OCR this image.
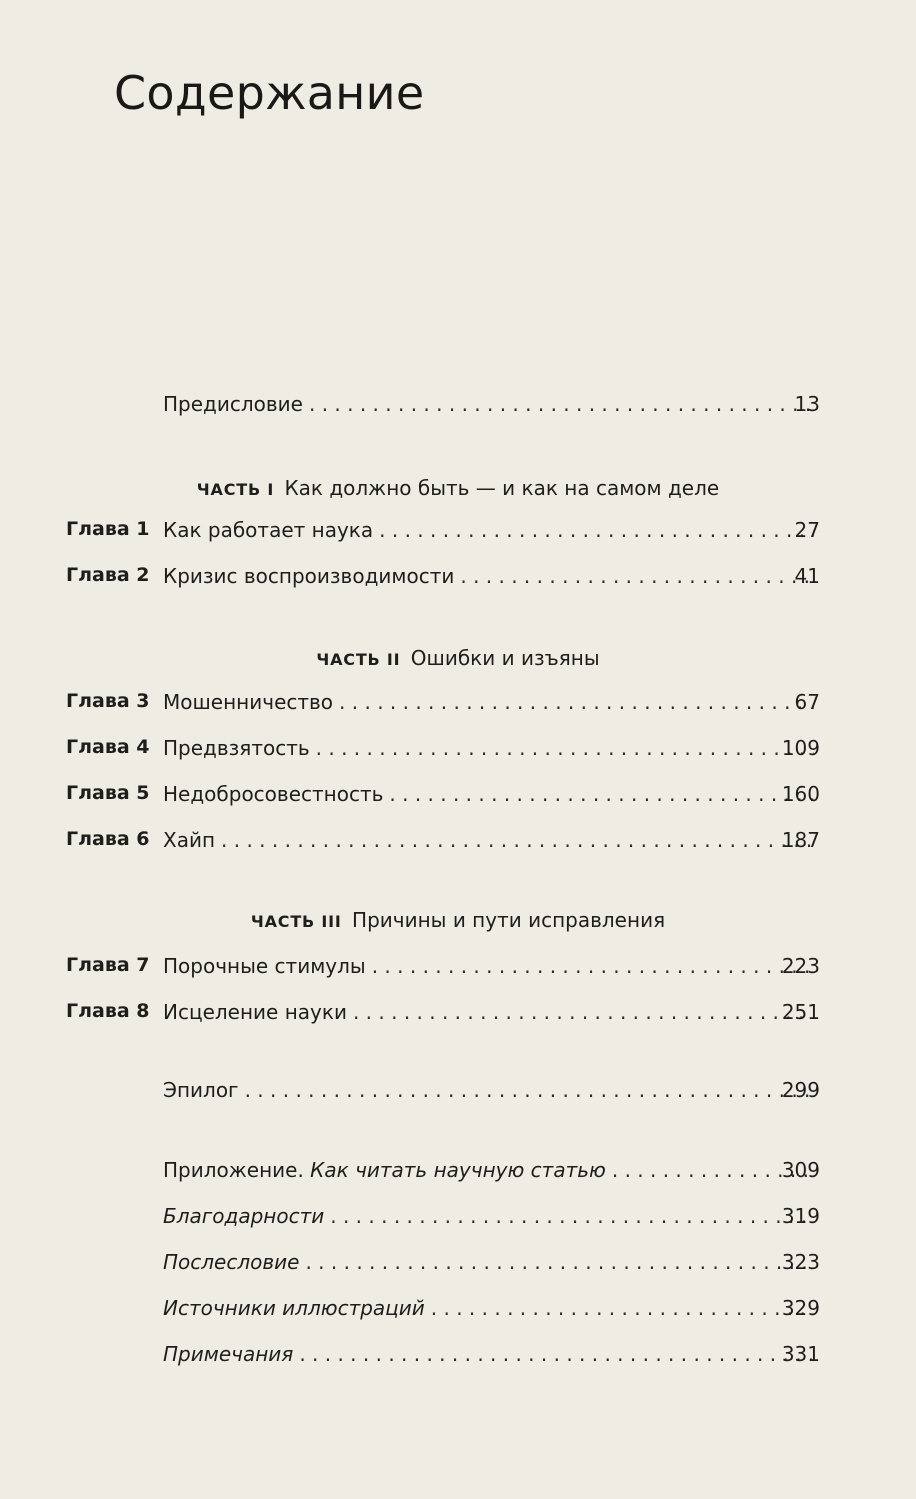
Содержание
Предисловие . . .	13
ЧАСТЬ I Как должно быть — и как на самом деле
Глава 1 Как работает наука . . .	27
Глава 2 Кризис воспроизводимости . . .	41
ЧАСТЬ II Ошибки и изъяны
Глава 3 Мошенничество . . .	67
Глава 4 Предвзятость . . .	109
Глава 5 Недобросовестность . . .	160
Глава 6 Хайп . . .	187
ЧАСТЬ III Причины и пути исправления
Глава 7 Порочные стимулы . . .	223
Глава 8 Исцеление науки . . .	251
Эпилог . . .	299
Приложение. Как читать научную статью . . .	309
Благодарности . . .	319
Послесловие . . .	323
Источники иллюстраций . . .	329
Примечания . . .	331
